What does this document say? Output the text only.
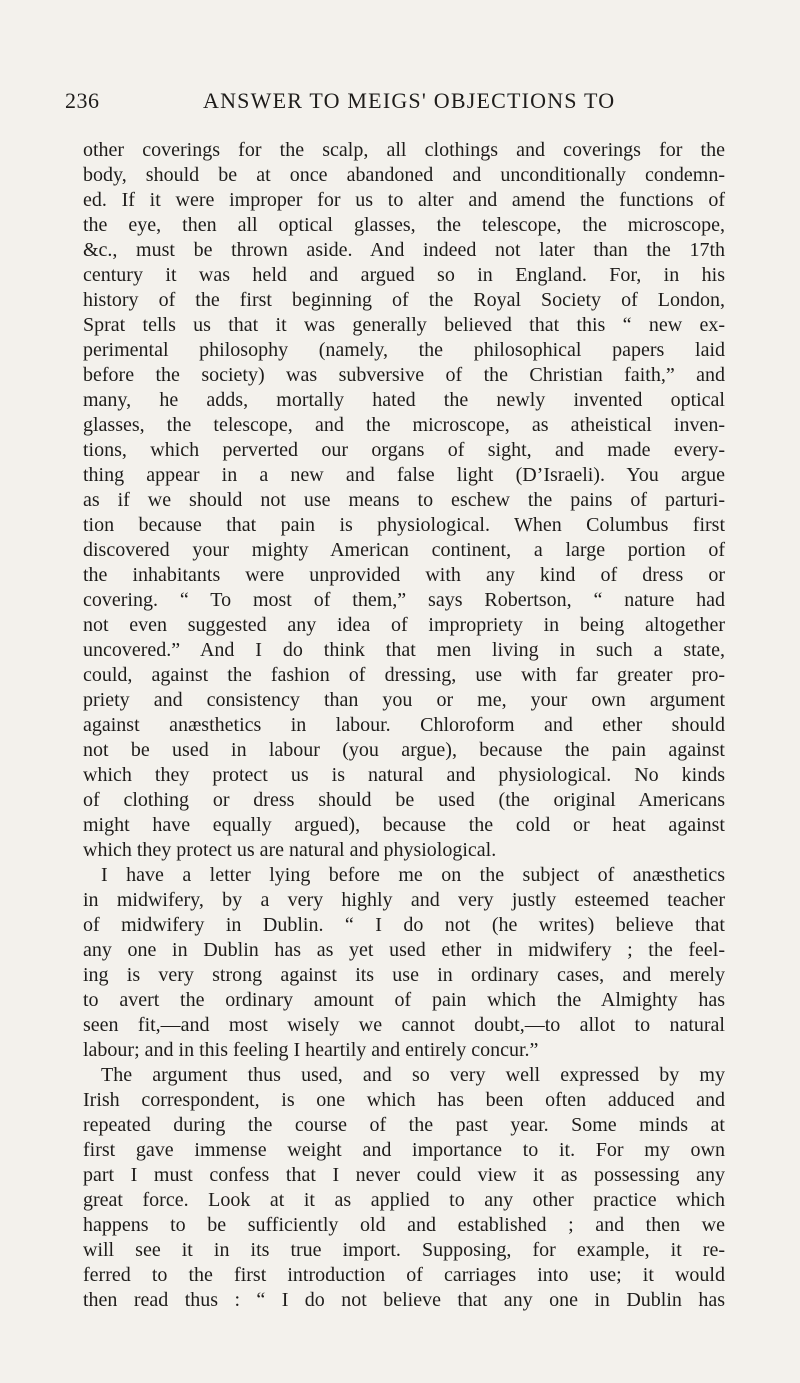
236	ANSWER TO MEIGS' OBJECTIONS TO
other coverings for the scalp, all clothings and coverings for the
body, should be at once abandoned and unconditionally condemn-
ed. If it were improper for us to alter and amend the functions of
the eye, then all optical glasses, the telescope, the microscope,
&c., must be thrown aside. And indeed not later than the 17th
century it was held and argued so in England. For, in his
history of the first beginning of the Royal Society of London,
Sprat tells us that it was generally believed that this “ new ex-
perimental philosophy (namely, the philosophical papers laid
before the society) was subversive of the Christian faith,” and
many, he adds, mortally hated the newly invented optical
glasses, the telescope, and the microscope, as atheistical inven-
tions, which perverted our organs of sight, and made every-
thing appear in a new and false light (D’Israeli). You argue
as if we should not use means to eschew the pains of parturi-
tion because that pain is physiological. When Columbus first
discovered your mighty American continent, a large portion of
the inhabitants were unprovided with any kind of dress or
covering. “ To most of them,” says Robertson, “ nature had
not even suggested any idea of impropriety in being altogether
uncovered.” And I do think that men living in such a state,
could, against the fashion of dressing, use with far greater pro-
priety and consistency than you or me, your own argument
against anæsthetics in labour. Chloroform and ether should
not be used in labour (you argue), because the pain against
which they protect us is natural and physiological. No kinds
of clothing or dress should be used (the original Americans
might have equally argued), because the cold or heat against
which they protect us are natural and physiological.
I have a letter lying before me on the subject of anæsthetics
in midwifery, by a very highly and very justly esteemed teacher
of midwifery in Dublin. “ I do not (he writes) believe that
any one in Dublin has as yet used ether in midwifery ; the feel-
ing is very strong against its use in ordinary cases, and merely
to avert the ordinary amount of pain which the Almighty has
seen fit,—and most wisely we cannot doubt,—to allot to natural
labour; and in this feeling I heartily and entirely concur.”
The argument thus used, and so very well expressed by my
Irish correspondent, is one which has been often adduced and
repeated during the course of the past year. Some minds at
first gave immense weight and importance to it. For my own
part I must confess that I never could view it as possessing any
great force. Look at it as applied to any other practice which
happens to be sufficiently old and established ; and then we
will see it in its true import. Supposing, for example, it re-
ferred to the first introduction of carriages into use; it would
then read thus : “ I do not believe that any one in Dublin has
